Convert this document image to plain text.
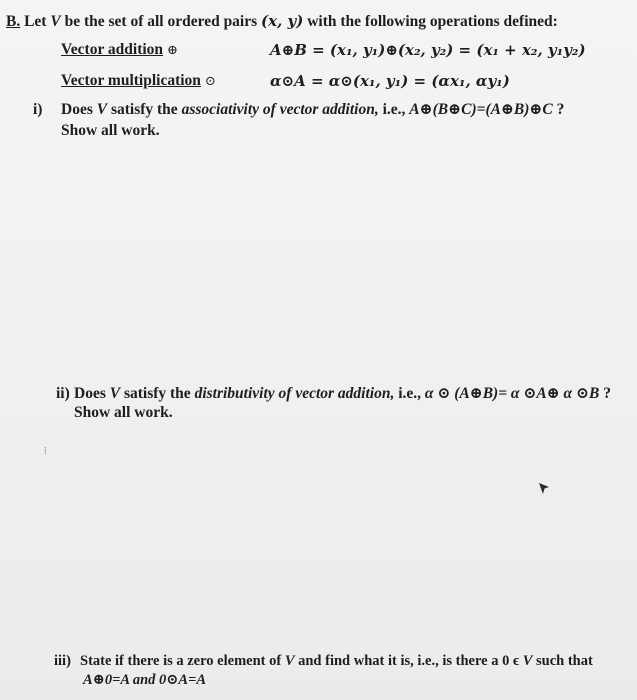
B. Let V be the set of all ordered pairs (x, y) with the following operations defined:
Vector addition ⊕	A⊕B = (x₁, y₁)⊕(x₂, y₂) = (x₁ + x₂, y₁y₂)
Vector multiplication ⊙	α⊙A = α⊙(x₁, y₁) = (αx₁, αy₁)
i) Does V satisfy the associativity of vector addition, i.e., A⊕(B⊕C)=(A⊕B)⊕C ?
Show all work.
ii) Does V satisfy the distributivity of vector addition, i.e., α ⊙ (A⊕B)= α ⊙A⊕ α ⊙B ?
Show all work.
⁞
iii) State if there is a zero element of V and find what it is, i.e., is there a 0 ϵ V such that
A⊕0=A and 0⊙A=A
